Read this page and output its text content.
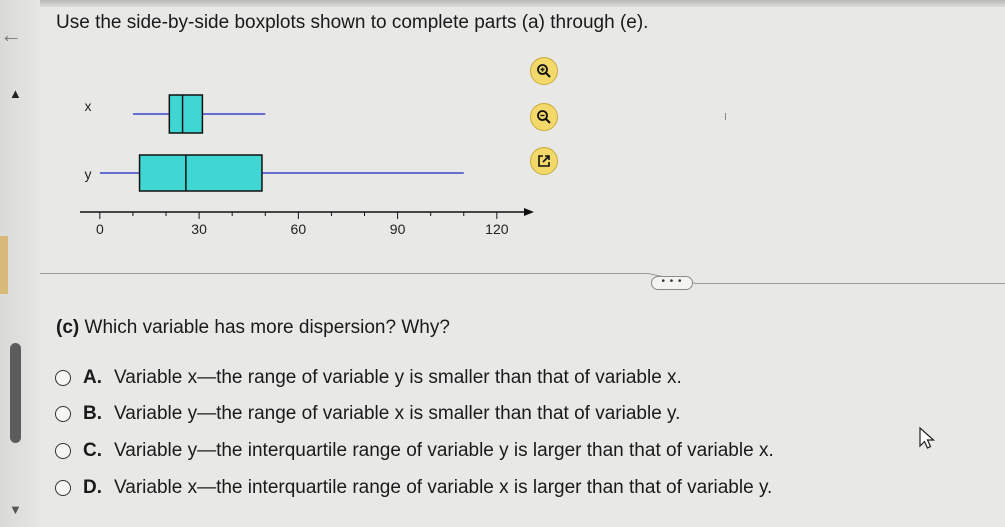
←
▲
▼
Use the side-by-side boxplots shown to complete parts (a) through (e).
x
y
0	30	60	90	120
• • •
(c) Which variable has more dispersion? Why?
A. Variable x—the range of variable y is smaller than that of variable x.
B. Variable y—the range of variable x is smaller than that of variable y.
C. Variable y—the interquartile range of variable y is larger than that of variable x.
D. Variable x—the interquartile range of variable x is larger than that of variable y.
